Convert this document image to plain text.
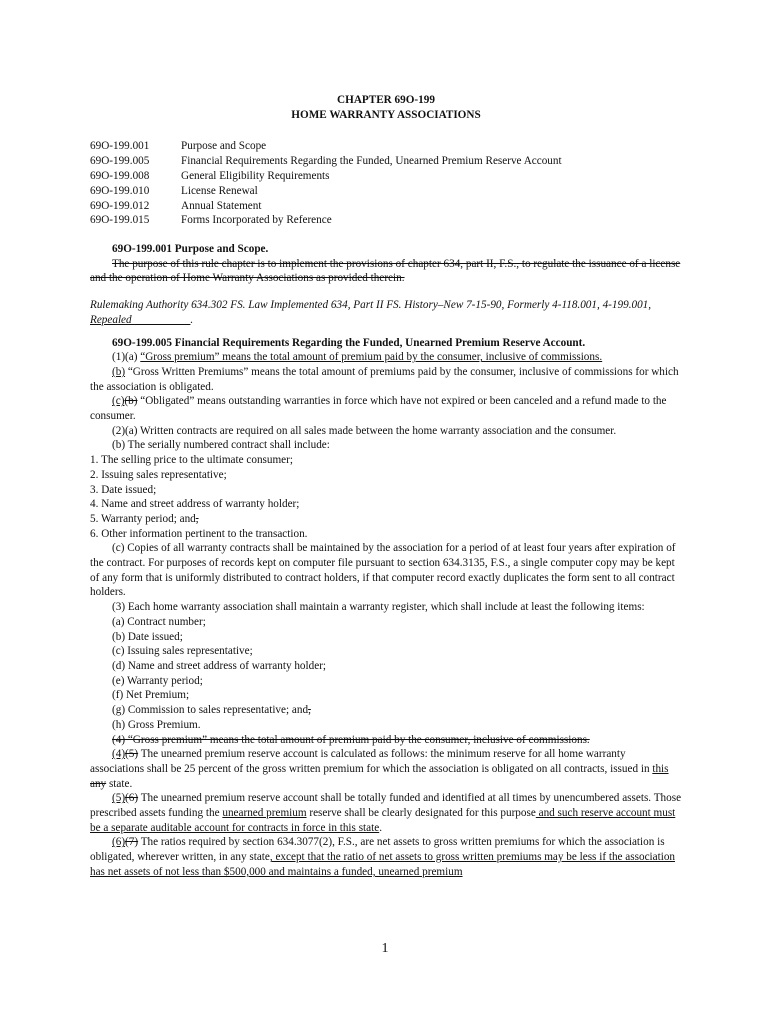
CHAPTER 69O-199
HOME WARRANTY ASSOCIATIONS
69O-199.001	Purpose and Scope
69O-199.005	Financial Requirements Regarding the Funded, Unearned Premium Reserve Account
69O-199.008	General Eligibility Requirements
69O-199.010	License Renewal
69O-199.012	Annual Statement
69O-199.015	Forms Incorporated by Reference

69O-199.001 Purpose and Scope.

The purpose of this rule chapter is to implement the provisions of chapter 634, part II, F.S., to regulate the issuance of a license and the operation of Home Warranty Associations as provided therein.

Rulemaking Authority 634.302 FS. Law Implemented 634, Part II FS. History–New 7-15-90, Formerly 4-118.001, 4-199.001, Repealed __________.

69O-199.005 Financial Requirements Regarding the Funded, Unearned Premium Reserve Account.

(1)(a) “Gross premium” means the total amount of premium paid by the consumer, inclusive of commissions.

(b) “Gross Written Premiums” means the total amount of premiums paid by the consumer, inclusive of commissions for which the association is obligated.

(c)(b) “Obligated” means outstanding warranties in force which have not expired or been canceled and a refund made to the consumer.

(2)(a) Written contracts are required on all sales made between the home warranty association and the consumer.

(b) The serially numbered contract shall include:

1. The selling price to the ultimate consumer;

2. Issuing sales representative;

3. Date issued;

4. Name and street address of warranty holder;

5. Warranty period; and,

6. Other information pertinent to the transaction.

(c) Copies of all warranty contracts shall be maintained by the association for a period of at least four years after expiration of the contract. For purposes of records kept on computer file pursuant to section 634.3135, F.S., a single computer copy may be kept of any form that is uniformly distributed to contract holders, if that computer record exactly duplicates the form sent to all contract holders.

(3) Each home warranty association shall maintain a warranty register, which shall include at least the following items:

(a) Contract number;

(b) Date issued;

(c) Issuing sales representative;

(d) Name and street address of warranty holder;

(e) Warranty period;

(f) Net Premium;

(g) Commission to sales representative; and,

(h) Gross Premium.

(4) “Gross premium” means the total amount of premium paid by the consumer, inclusive of commissions.

(4)(5) The unearned premium reserve account is calculated as follows: the minimum reserve for all home warranty associations shall be 25 percent of the gross written premium for which the association is obligated on all contracts, issued in this any state.

(5)(6) The unearned premium reserve account shall be totally funded and identified at all times by unencumbered assets. Those prescribed assets funding the unearned premium reserve shall be clearly designated for this purpose and such reserve account must be a separate auditable account for contracts in force in this state.

(6)(7) The ratios required by section 634.3077(2), F.S., are net assets to gross written premiums for which the association is obligated, wherever written, in any state, except that the ratio of net assets to gross written premiums may be less if the association has net assets of not less than $500,000 and maintains a funded, unearned premium

1
